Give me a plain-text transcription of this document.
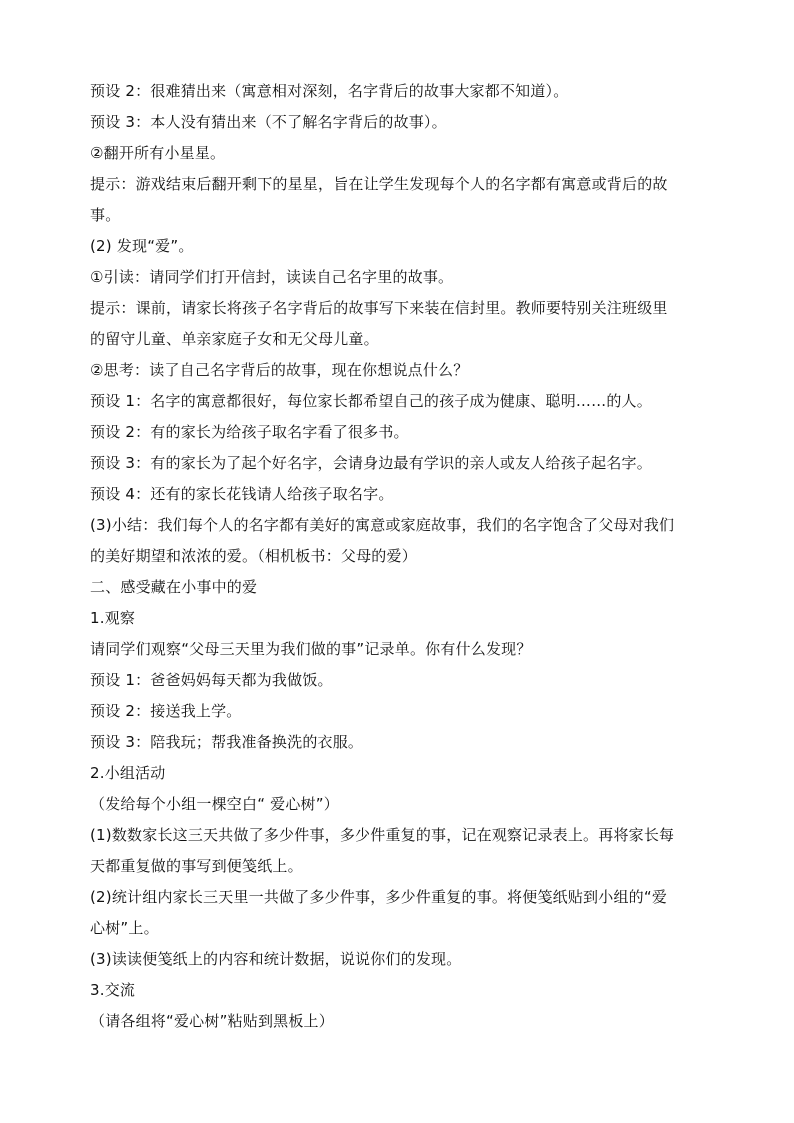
预设 2：很难猜出来（寓意相对深刻，名字背后的故事大家都不知道）。
预设 3：本人没有猜出来（不了解名字背后的故事）。
②翻开所有小星星。
提示：游戏结束后翻开剩下的星星，旨在让学生发现每个人的名字都有寓意或背后的故
事。
(2) 发现“爱”。
①引读：请同学们打开信封，读读自己名字里的故事。
提示：课前，请家长将孩子名字背后的故事写下来装在信封里。教师要特别关注班级里
的留守儿童、单亲家庭子女和无父母儿童。
②思考：读了自己名字背后的故事，现在你想说点什么？
预设 1：名字的寓意都很好，每位家长都希望自己的孩子成为健康、聪明……的人。
预设 2：有的家长为给孩子取名字看了很多书。
预设 3：有的家长为了起个好名字，会请身边最有学识的亲人或友人给孩子起名字。
预设 4：还有的家长花钱请人给孩子取名字。
(3)小结：我们每个人的名字都有美好的寓意或家庭故事，我们的名字饱含了父母对我们
的美好期望和浓浓的爱。（相机板书：父母的爱）
二、感受藏在小事中的爱
1.观察
请同学们观察“父母三天里为我们做的事”记录单。你有什么发现？
预设 1：爸爸妈妈每天都为我做饭。
预设 2：接送我上学。
预设 3：陪我玩；帮我准备换洗的衣服。
2.小组活动
（发给每个小组一棵空白“ 爱心树”）
(1)数数家长这三天共做了多少件事，多少件重复的事，记在观察记录表上。再将家长每
天都重复做的事写到便笺纸上。
(2)统计组内家长三天里一共做了多少件事，多少件重复的事。将便笺纸贴到小组的“爱
心树”上。
(3)读读便笺纸上的内容和统计数据，说说你们的发现。
3.交流
（请各组将“爱心树”粘贴到黑板上）
